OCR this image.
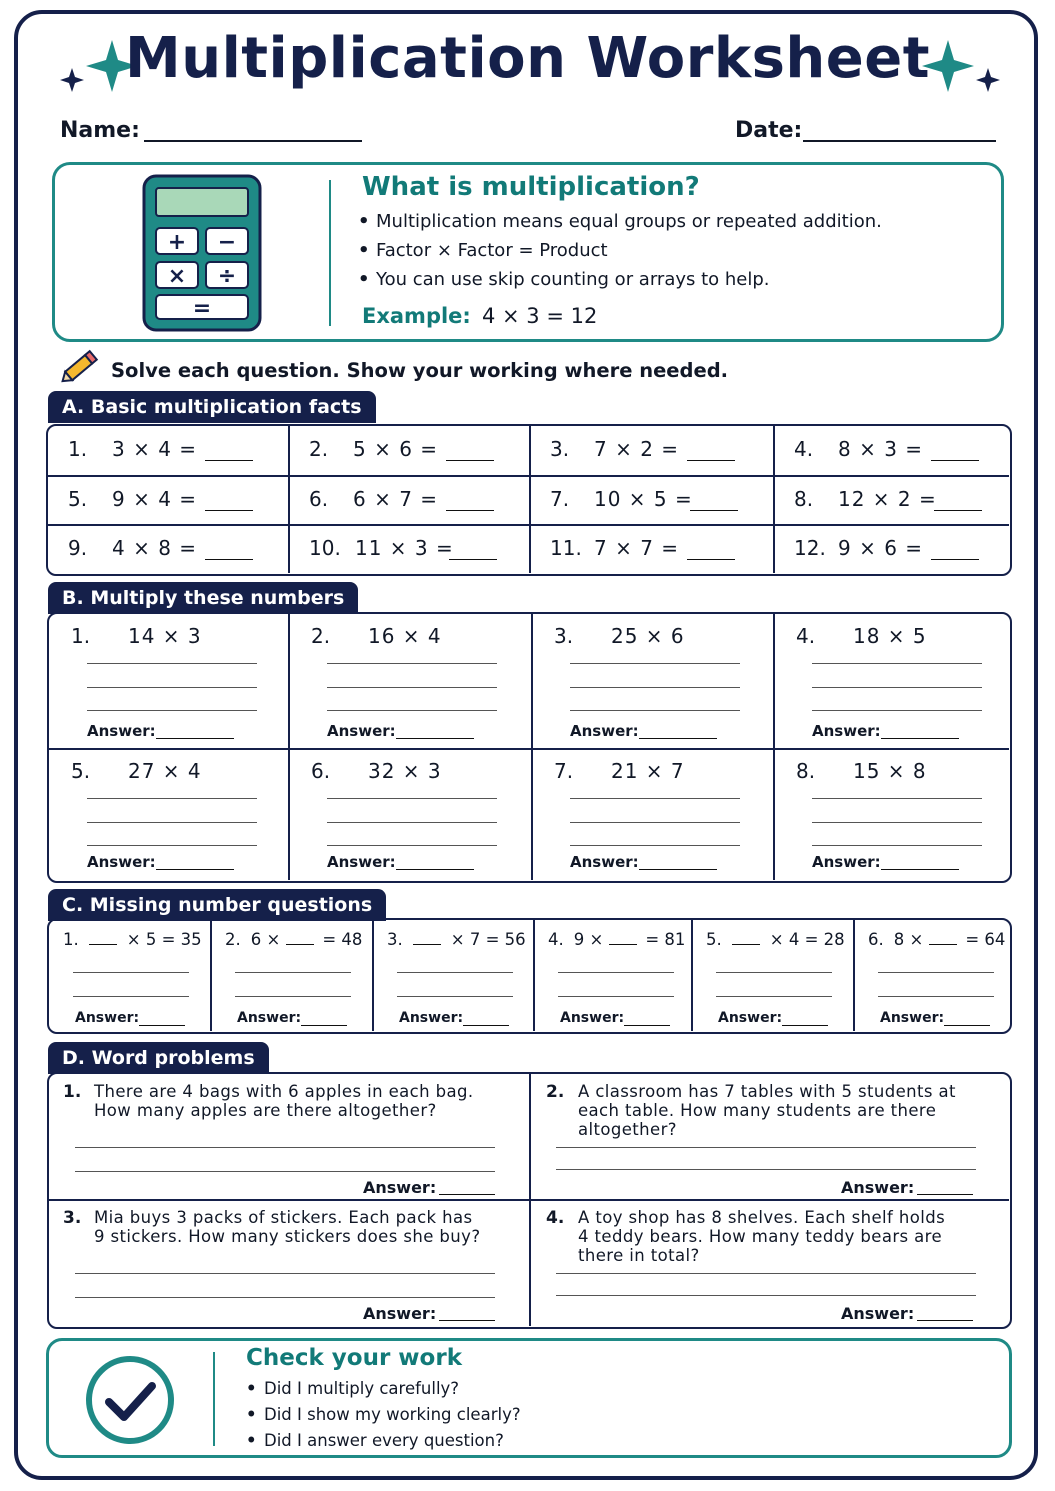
Multiplication Worksheet
Name:	Date:
+ −
× ÷
=
What is multiplication?
• Multiplication means equal groups or repeated addition.
• Factor × Factor = Product
• You can use skip counting or arrays to help.
Example: 4 × 3 = 12
Solve each question. Show your working where needed.
A. Basic multiplication facts
1. 3 × 4 =	2. 5 × 6 =	3. 7 × 2 =	4. 8 × 3 =
5. 9 × 4 =	6. 6 × 7 =	7. 10 × 5 =	8. 12 × 2 =
9. 4 × 8 =	10. 11 × 3 =	11. 7 × 7 =	12. 9 × 6 =
B. Multiply these numbers
1. 14 × 3
Answer:
2. 16 × 4
Answer:
3. 25 × 6
Answer:
4. 18 × 5
Answer:
5. 27 × 4
Answer:
6. 32 × 3
Answer:
7. 21 × 7
Answer:
8. 15 × 8
Answer:
C. Missing number questions
1.	× 5 = 35
Answer:
2. 6 ×	= 48
Answer:
3.	× 7 = 56
Answer:
4. 9 ×	= 81
Answer:
5.	× 4 = 28
Answer:
6. 8 ×	= 64
Answer:
D. Word problems
1. There are 4 bags with 6 apples in each bag.
How many apples are there altogether?
Answer:
2. A classroom has 7 tables with 5 students at
each table. How many students are there
altogether?
Answer:
3. Mia buys 3 packs of stickers. Each pack has
9 stickers. How many stickers does she buy?
Answer:
4. A toy shop has 8 shelves. Each shelf holds
4 teddy bears. How many teddy bears are
there in total?
Answer:
Check your work
• Did I multiply carefully?
• Did I show my working clearly?
• Did I answer every question?
